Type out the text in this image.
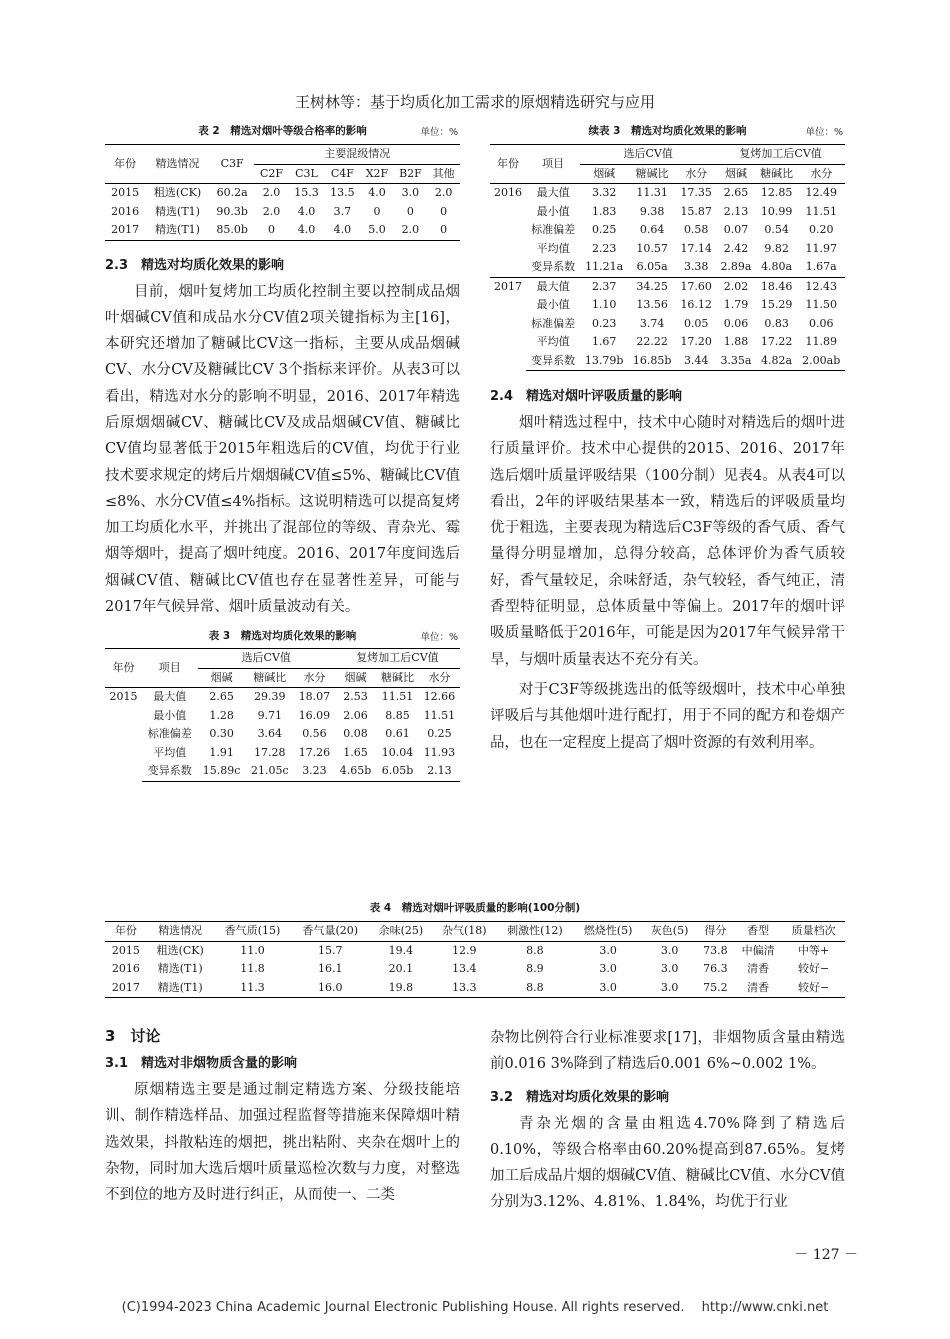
王树林等：基于均质化加工需求的原烟精选研究与应用
表 2　精选对烟叶等级合格率的影响	单位：%
年份	精选情况	C3F	主要混级情况					
			C2F	C3L	C4F	X2F	B2F	其他
2015	粗选(CK)	60.2a	2.0	15.3	13.5	4.0	3.0	2.0
2016	精选(T1)	90.3b	2.0	4.0	3.7	0	0	0
2017	精选(T1)	85.0b	0	4.0	4.0	5.0	2.0	0
2.3　精选对均质化效果的影响

目前，烟叶复烤加工均质化控制主要以控制成品烟叶烟碱CV值和成品水分CV值2项关键指标为主[16]，本研究还增加了糖碱比CV这一指标，主要从成品烟碱CV、水分CV及糖碱比CV 3个指标来评价。从表3可以看出，精选对水分的影响不明显，2016、2017年精选后原烟烟碱CV、糖碱比CV及成品烟碱CV值、糖碱比CV值均显著低于2015年粗选后的CV值，均优于行业技术要求规定的烤后片烟烟碱CV值≤5%、糖碱比CV值≤8%、水分CV值≤4%指标。这说明精选可以提高复烤加工均质化水平，并挑出了混部位的等级、青杂光、霉烟等烟叶，提高了烟叶纯度。2016、2017年度间选后烟碱CV值、糖碱比CV值也存在显著性差异，可能与2017年气候异常、烟叶质量波动有关。

表 3　精选对均质化效果的影响	单位：%
年份	项目	选后CV值			复烤加工后CV值		
		烟碱	糖碱比	水分	烟碱	糖碱比	水分
2015	最大值	2.65	29.39	18.07	2.53	11.51	12.66
	最小值	1.28	9.71	16.09	2.06	8.85	11.51
	标准偏差	0.30	3.64	0.56	0.08	0.61	0.25
	平均值	1.91	17.28	17.26	1.65	10.04	11.93
	变异系数	15.89c	21.05c	3.23	4.65b	6.05b	2.13
续表 3　精选对均质化效果的影响	单位：%
年份	项目	选后CV值			复烤加工后CV值		
		烟碱	糖碱比	水分	烟碱	糖碱比	水分
2016	最大值	3.32	11.31	17.35	2.65	12.85	12.49
	最小值	1.83	9.38	15.87	2.13	10.99	11.51
	标准偏差	0.25	0.64	0.58	0.07	0.54	0.20
	平均值	2.23	10.57	17.14	2.42	9.82	11.97
	变异系数	11.21a	6.05a	3.38	2.89a	4.80a	1.67a
2017	最大值	2.37	34.25	17.60	2.02	18.46	12.43
	最小值	1.10	13.56	16.12	1.79	15.29	11.50
	标准偏差	0.23	3.74	0.05	0.06	0.83	0.06
	平均值	1.67	22.22	17.20	1.88	17.22	11.89
	变异系数	13.79b	16.85b	3.44	3.35a	4.82a	2.00ab
2.4　精选对烟叶评吸质量的影响

烟叶精选过程中，技术中心随时对精选后的烟叶进行质量评价。技术中心提供的2015、2016、2017年选后烟叶质量评吸结果（100分制）见表4。从表4可以看出，2年的评吸结果基本一致，精选后的评吸质量均优于粗选，主要表现为精选后C3F等级的香气质、香气量得分明显增加，总得分较高，总体评价为香气质较好，香气量较足，余味舒适，杂气较轻，香气纯正，清香型特征明显，总体质量中等偏上。2017年的烟叶评吸质量略低于2016年，可能是因为2017年气候异常干旱，与烟叶质量表达不充分有关。

对于C3F等级挑选出的低等级烟叶，技术中心单独评吸后与其他烟叶进行配打，用于不同的配方和卷烟产品，也在一定程度上提高了烟叶资源的有效利用率。

表 4　精选对烟叶评吸质量的影响(100分制)
年份	精选情况	香气质(15)	香气量(20)	余味(25)	杂气(18)	刺激性(12)	燃烧性(5)	灰色(5)	得分	香型	质量档次
2015	粗选(CK)	11.0	15.7	19.4	12.9	8.8	3.0	3.0	73.8	中偏清	中等+
2016	精选(T1)	11.8	16.1	20.1	13.4	8.9	3.0	3.0	76.3	清香	较好−
2017	精选(T1)	11.3	16.0	19.8	13.3	8.8	3.0	3.0	75.2	清香	较好−
3　讨论
3.1　精选对非烟物质含量的影响

原烟精选主要是通过制定精选方案、分级技能培训、制作精选样品、加强过程监督等措施来保障烟叶精选效果，抖散粘连的烟把，挑出粘附、夹杂在烟叶上的杂物，同时加大选后烟叶质量巡检次数与力度，对整选不到位的地方及时进行纠正，从而使一、二类

杂物比例符合行业标准要求[17]，非烟物质含量由精选前0.016 3%降到了精选后0.001 6%~0.002 1%。

3.2　精选对均质化效果的影响

青杂光烟的含量由粗选4.70%降到了精选后0.10%，等级合格率由60.20%提高到87.65%。复烤加工后成品片烟的烟碱CV值、糖碱比CV值、水分CV值分别为3.12%、4.81%、1.84%，均优于行业

－ 127 －
(C)1994-2023 China Academic Journal Electronic Publishing House. All rights reserved.　 http://www.cnki.net
